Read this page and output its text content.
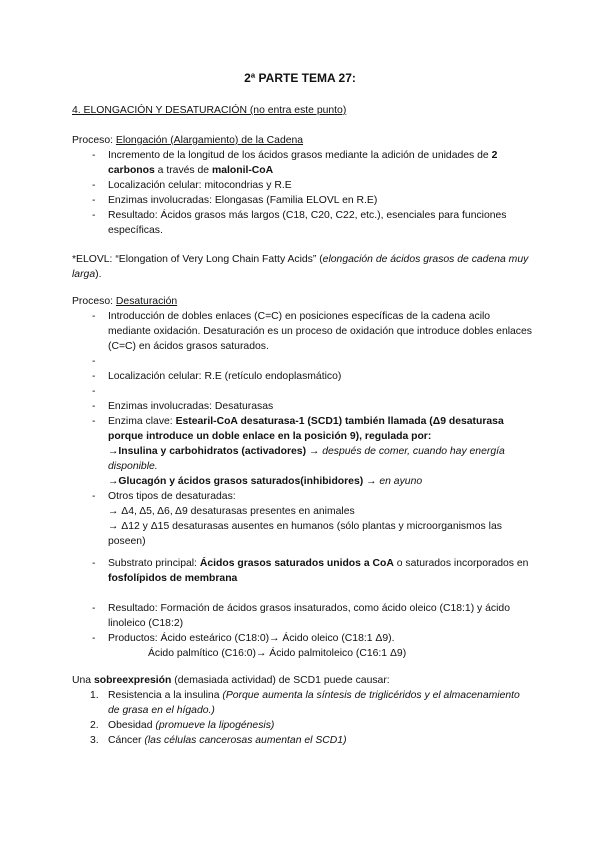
2ª PARTE TEMA 27:
4. ELONGACIÓN Y DESATURACIÓN (no entra este punto)
Proceso: Elongación (Alargamiento) de la Cadena
- Incremento de la longitud de los ácidos grasos mediante la adición de unidades de 2 carbonos a través de malonil-CoA
- Localización celular: mitocondrias y R.E
- Enzimas involucradas: Elongasas (Familia ELOVL en R.E)
- Resultado: Ácidos grasos más largos (C18, C20, C22, etc.), esenciales para funciones específicas.
*ELOVL: “Elongation of Very Long Chain Fatty Acids” (elongación de ácidos grasos de cadena muy larga).
Proceso: Desaturación
- Introducción de dobles enlaces (C=C) en posiciones específicas de la cadena acilo mediante oxidación. Desaturación es un proceso de oxidación que introduce dobles enlaces (C=C) en ácidos grasos saturados.
-
- Localización celular: R.E (retículo endoplasmático)
-
- Enzimas involucradas: Desaturasas
- Enzima clave: Estearil-CoA desaturasa-1 (SCD1) también llamada (Δ9 desaturasa porque introduce un doble enlace en la posición 9), regulada por:
→Insulina y carbohidratos (activadores) → después de comer, cuando hay energía disponible.
→Glucagón y ácidos grasos saturados(inhibidores) → en ayuno
- Otros tipos de desaturadas:
→ Δ4, Δ5, Δ6, Δ9 desaturasas presentes en animales
→ Δ12 y Δ15 desaturasas ausentes en humanos (sólo plantas y microorganismos las poseen)
- Substrato principal: Ácidos grasos saturados unidos a CoA o saturados incorporados en fosfolípidos de membrana
- Resultado: Formación de ácidos grasos insaturados, como ácido oleico (C18:1) y ácido linoleico (C18:2)
- Productos: Ácido esteárico (C18:0)→ Ácido oleico (C18:1 Δ9).
Ácido palmítico (C16:0)→ Ácido palmitoleico (C16:1 Δ9)
Una sobreexpresión (demasiada actividad) de SCD1 puede causar:
1. Resistencia a la insulina (Porque aumenta la síntesis de triglicéridos y el almacenamiento de grasa en el hígado.)
2. Obesidad (promueve la lipogénesis)
3. Cáncer (las células cancerosas aumentan el SCD1)
